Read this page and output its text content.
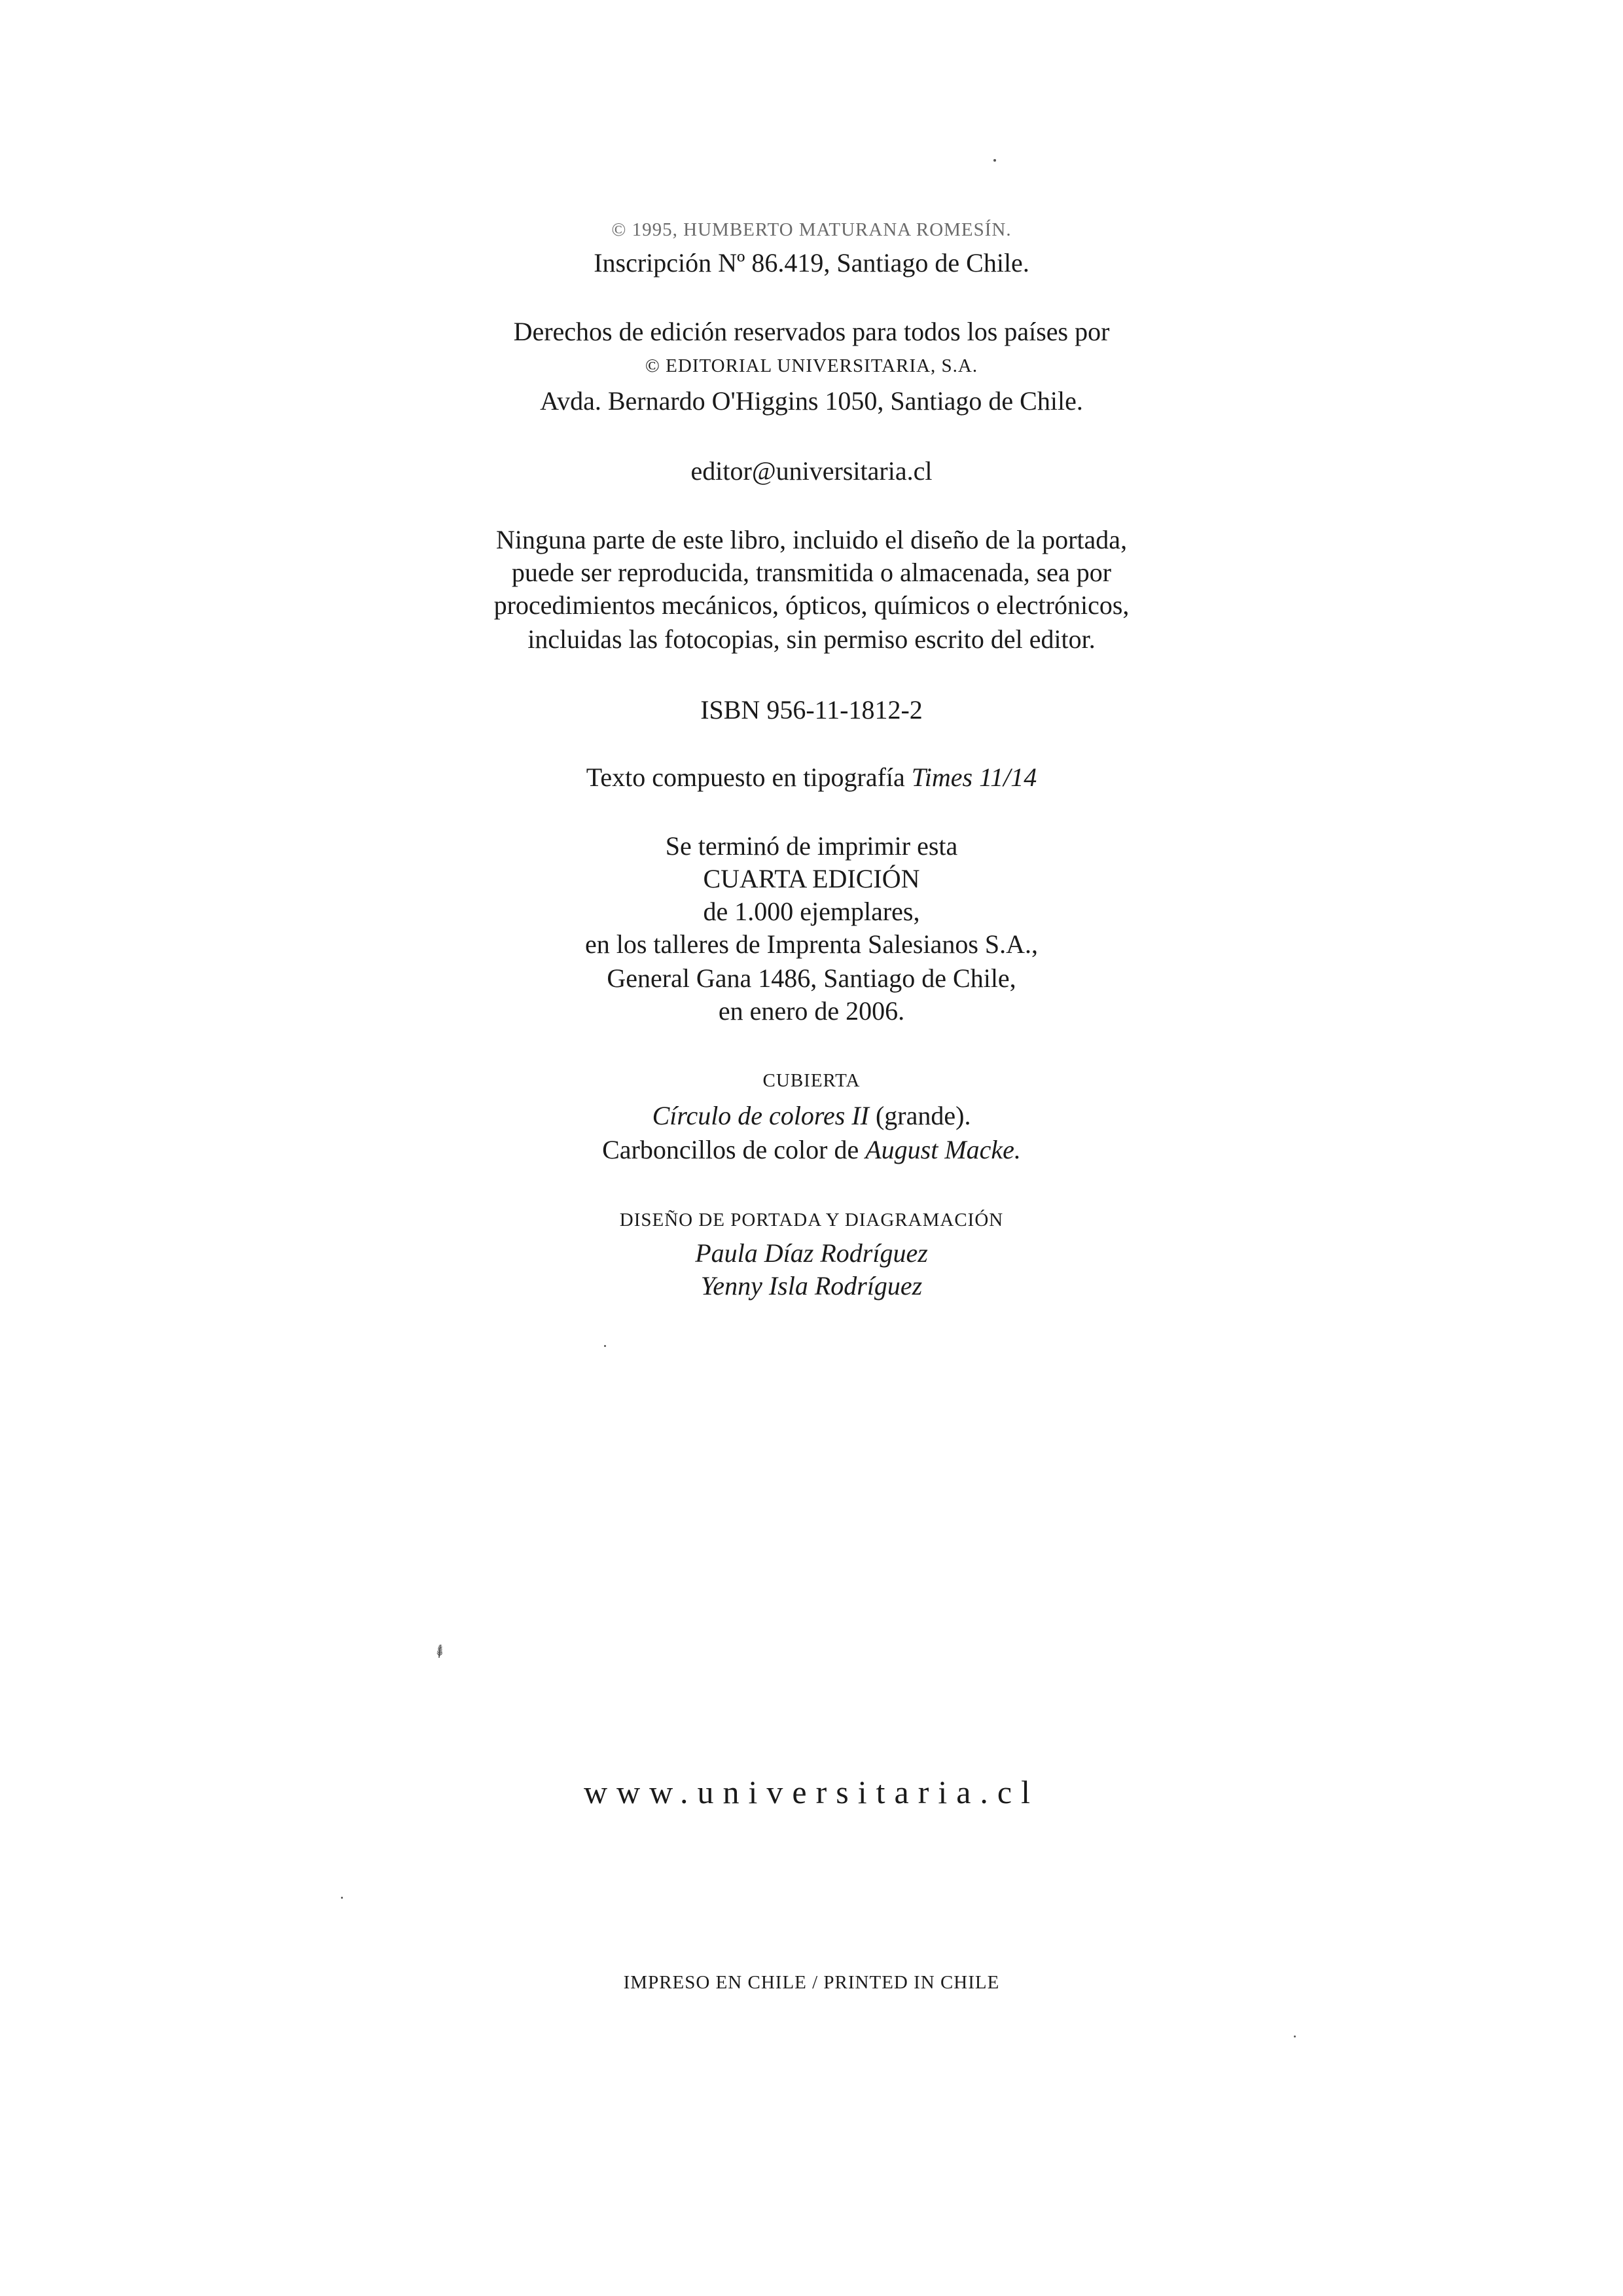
© 1995, HUMBERTO MATURANA ROMESÍN.
Inscripción Nº 86.419, Santiago de Chile.
Derechos de edición reservados para todos los países por
© EDITORIAL UNIVERSITARIA, S.A.
Avda. Bernardo O'Higgins 1050, Santiago de Chile.
editor@universitaria.cl
Ninguna parte de este libro, incluido el diseño de la portada,
puede ser reproducida, transmitida o almacenada, sea por
procedimientos mecánicos, ópticos, químicos o electrónicos,
incluidas las fotocopias, sin permiso escrito del editor.
ISBN 956-11-1812-2
Texto compuesto en tipografía Times 11/14
Se terminó de imprimir esta
CUARTA EDICIÓN
de 1.000 ejemplares,
en los talleres de Imprenta Salesianos S.A.,
General Gana 1486, Santiago de Chile,
en enero de 2006.
CUBIERTA
Círculo de colores II (grande).
Carboncillos de color de August Macke.
DISEÑO DE PORTADA Y DIAGRAMACIÓN
Paula Díaz Rodríguez
Yenny Isla Rodríguez
www.universitaria.cl
IMPRESO EN CHILE / PRINTED IN CHILE
⸙
